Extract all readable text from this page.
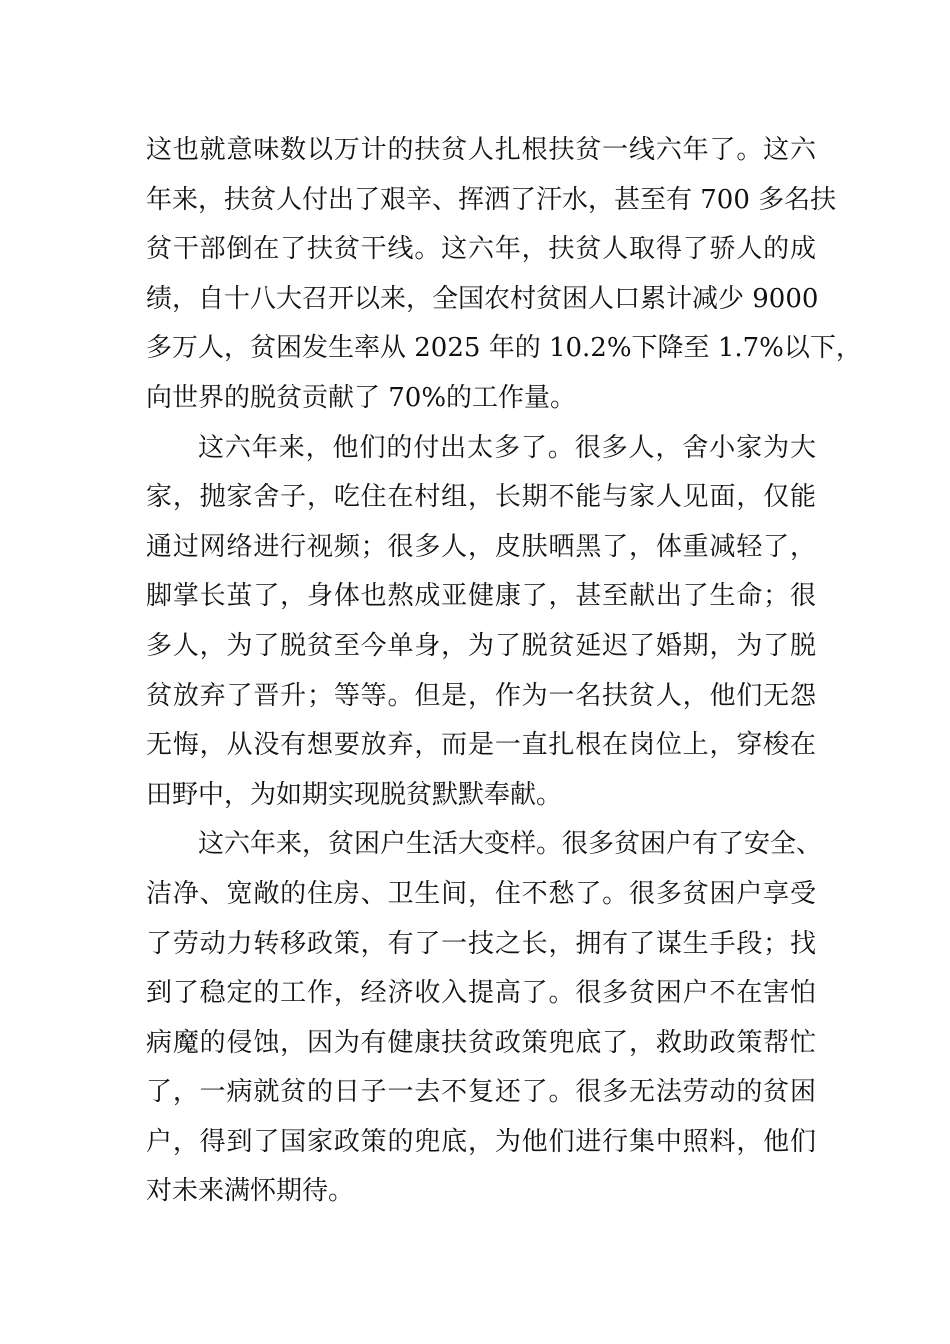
这也就意味数以万计的扶贫人扎根扶贫一线六年了。这六
年来，扶贫人付出了艰辛、挥洒了汗水，甚至有 700 多名扶
贫干部倒在了扶贫干线。这六年，扶贫人取得了骄人的成
绩，自十八大召开以来，全国农村贫困人口累计减少 9000
多万人，贫困发生率从 2025 年的 10.2%下降至 1.7%以下，
向世界的脱贫贡献了 70%的工作量。
这六年来，他们的付出太多了。很多人，舍小家为大
家，抛家舍子，吃住在村组，长期不能与家人见面，仅能
通过网络进行视频；很多人，皮肤晒黑了，体重减轻了，
脚掌长茧了，身体也熬成亚健康了，甚至献出了生命；很
多人，为了脱贫至今单身，为了脱贫延迟了婚期，为了脱
贫放弃了晋升；等等。但是，作为一名扶贫人，他们无怨
无悔，从没有想要放弃，而是一直扎根在岗位上，穿梭在
田野中，为如期实现脱贫默默奉献。
这六年来，贫困户生活大变样。很多贫困户有了安全、
洁净、宽敞的住房、卫生间，住不愁了。很多贫困户享受
了劳动力转移政策，有了一技之长，拥有了谋生手段；找
到了稳定的工作，经济收入提高了。很多贫困户不在害怕
病魔的侵蚀，因为有健康扶贫政策兜底了，救助政策帮忙
了，一病就贫的日子一去不复还了。很多无法劳动的贫困
户，得到了国家政策的兜底，为他们进行集中照料，他们
对未来满怀期待。
